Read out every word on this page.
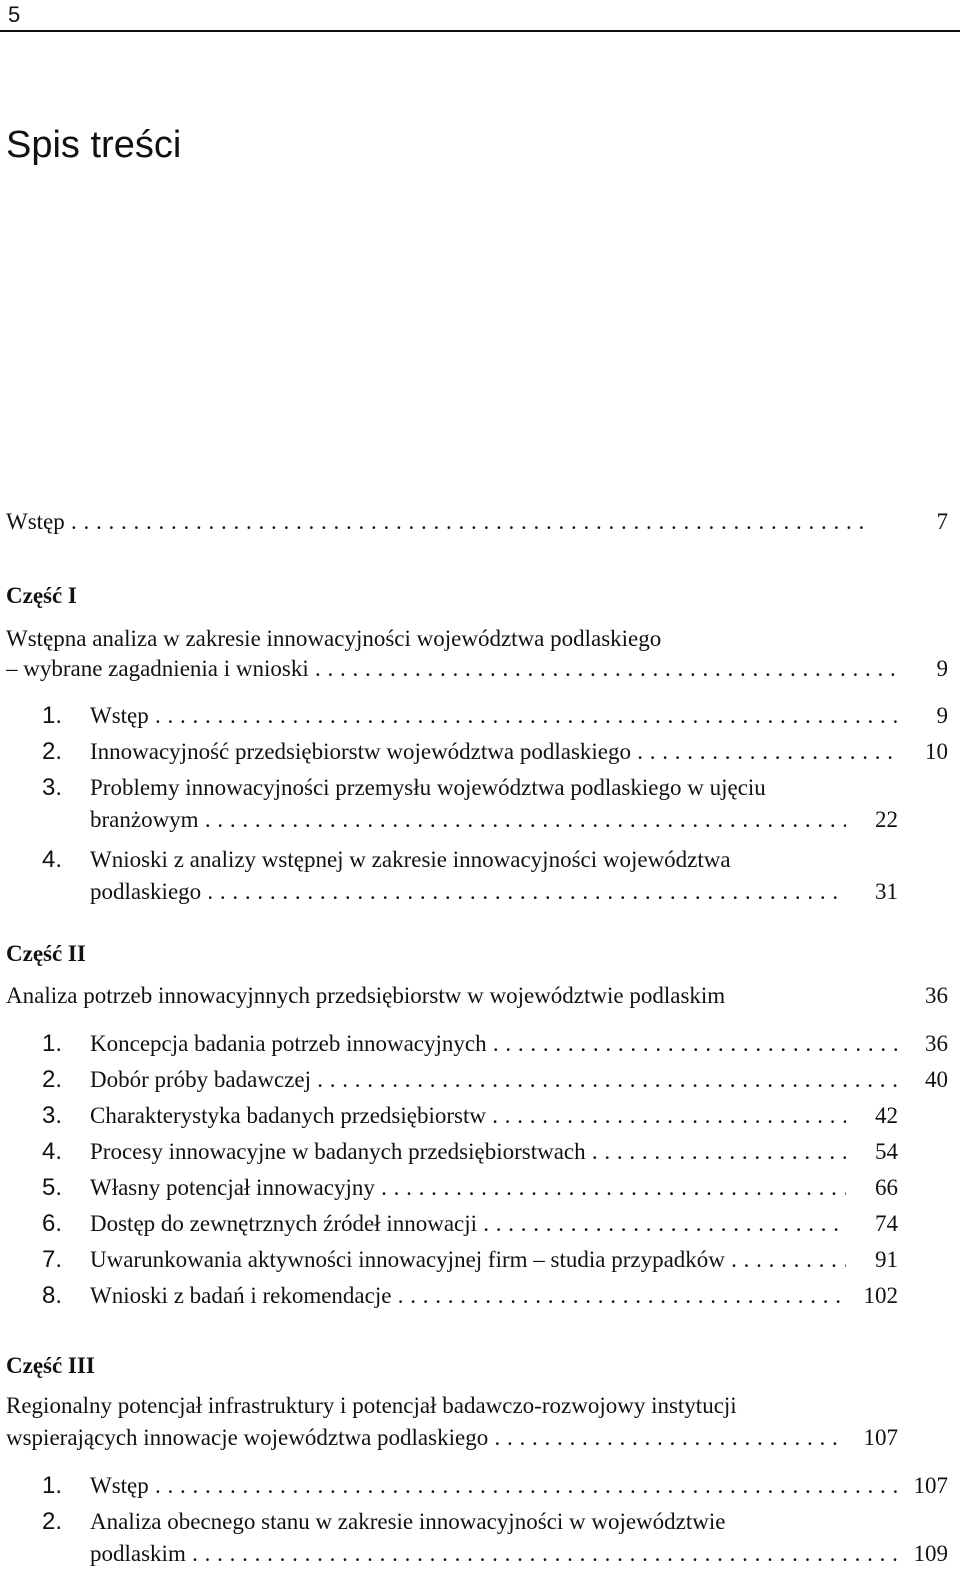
5
Spis treści
Wstęp . . .	7
Część I
Wstępna analiza w zakresie innowacyjności województwa podlaskiego
– wybrane zagadnienia i wnioski . . .	9
1. Wstęp . . .	9
2. Innowacyjność przedsiębiorstw województwa podlaskiego . . .	10
3. Problemy innowacyjności przemysłu województwa podlaskiego w ujęciu
branżowym . . .	22
4. Wnioski z analizy wstępnej w zakresie innowacyjności województwa
podlaskiego . . .	31
Część II
Analiza potrzeb innowacyjnnych przedsiębiorstw w województwie podlaskim	36
1. Koncepcja badania potrzeb innowacyjnych . . .	36
2. Dobór próby badawczej . . .	40
3. Charakterystyka badanych przedsiębiorstw . . .	42
4. Procesy innowacyjne w badanych przedsiębiorstwach . . .	54
5. Własny potencjał innowacyjny . . .	66
6. Dostęp do zewnętrznych źródeł innowacji . . .	74
7. Uwarunkowania aktywności innowacyjnej firm – studia przypadków . . .	91
8. Wnioski z badań i rekomendacje . . .	102
Część III
Regionalny potencjał infrastruktury i potencjał badawczo-rozwojowy instytucji
wspierających innowacje województwa podlaskiego . . .	107
1. Wstęp . . .	107
2. Analiza obecnego stanu w zakresie innowacyjności w województwie
podlaskim . . .	109
